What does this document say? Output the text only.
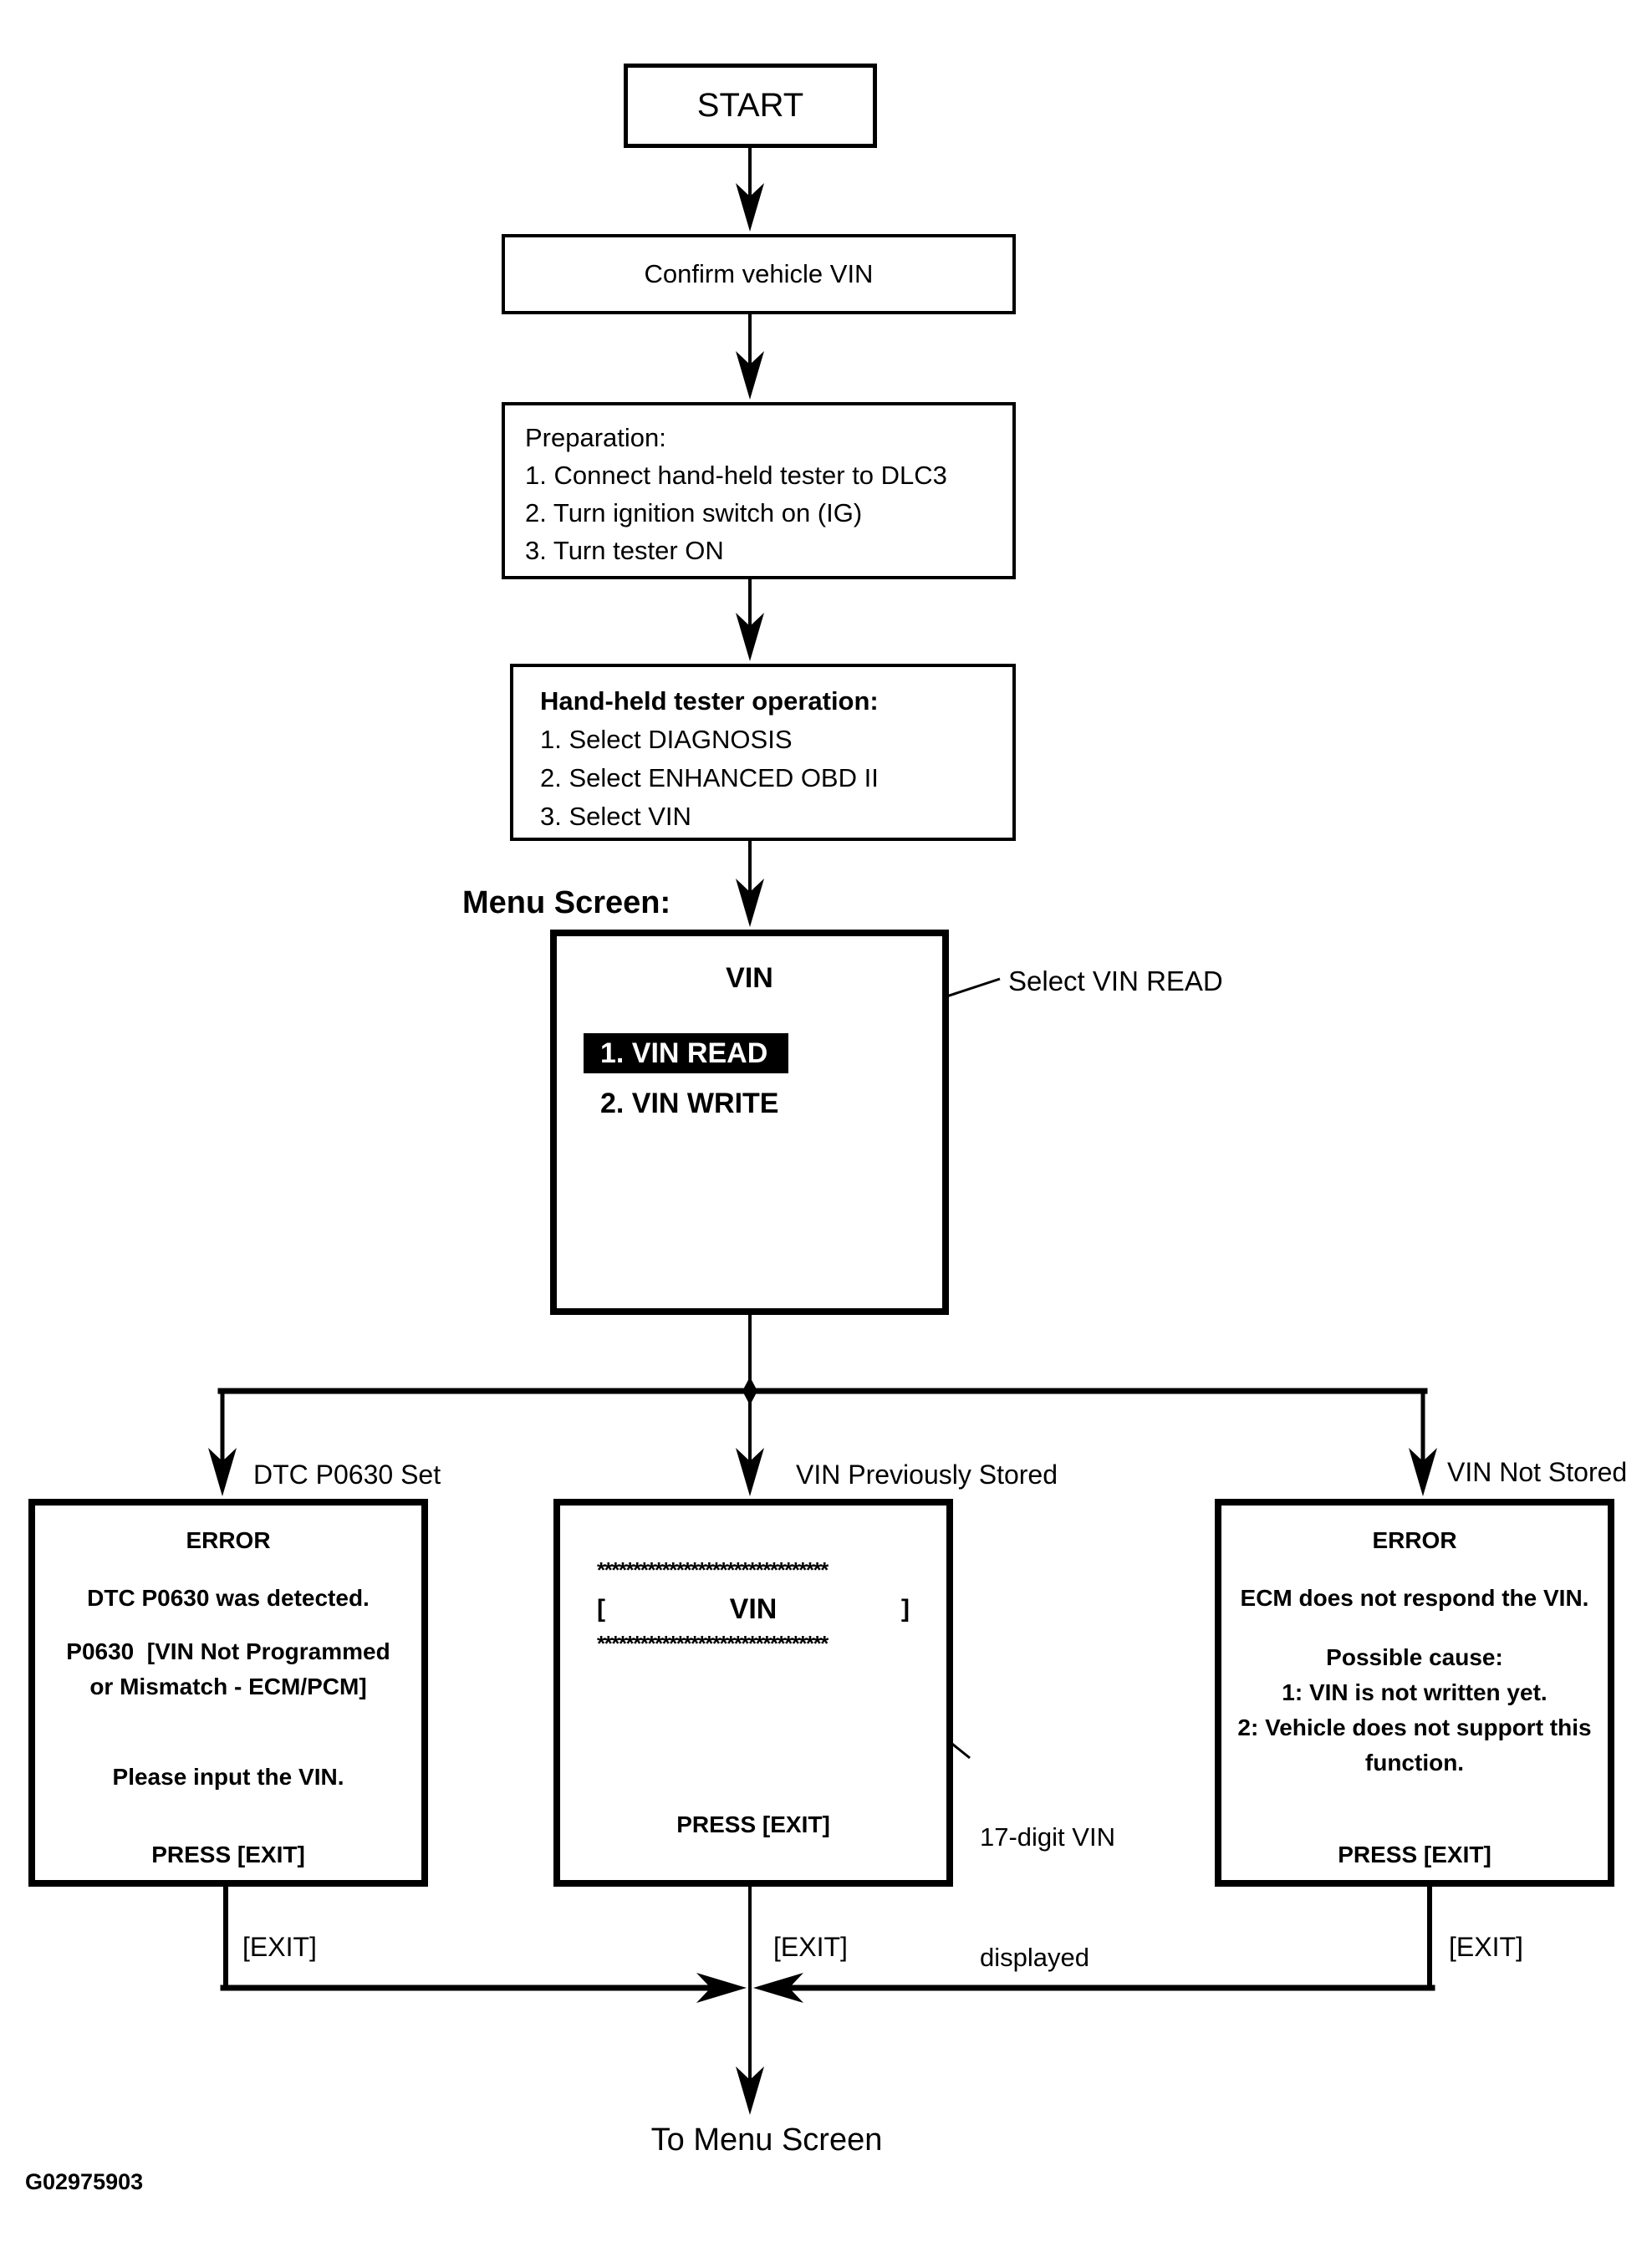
START
Confirm vehicle VIN
Preparation:
1. Connect hand-held tester to DLC3
2. Turn ignition switch on (IG)
3. Turn tester ON
Hand-held tester operation:
1. Select DIAGNOSIS
2. Select ENHANCED OBD II
3. Select VIN
Menu Screen:
VIN
1. VIN READ
2. VIN WRITE
Select VIN READ
DTC P0630 Set	VIN Previously Stored	VIN Not Stored
ERROR
DTC P0630 was detected.
P0630  [VIN Not Programmed
or Mismatch - ECM/PCM]
Please input the VIN.
PRESS [EXIT]
********************************
[	VIN	]
********************************
PRESS [EXIT]

	17-digit VIN

displayed

ERROR
ECM does not respond the VIN.
Possible cause:
1: VIN is not written yet.
2: Vehicle does not support this
function.
PRESS [EXIT]
[EXIT]	[EXIT]	[EXIT]
To Menu Screen
G02975903
